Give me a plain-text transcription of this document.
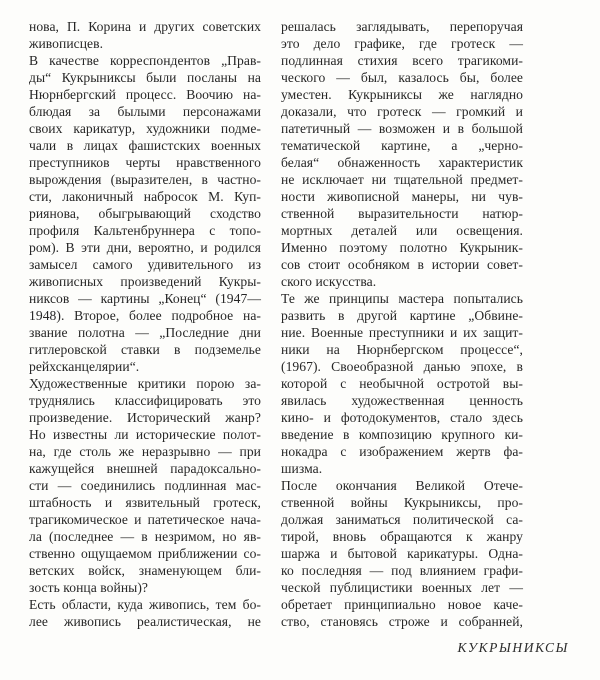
нова, П. Корина и других советских
живописцев.
В качестве корреспондентов „Прав-
ды“ Кукрыниксы были посланы на
Нюрнбергский процесс. Воочию на-
блюдая за былыми персонажами
своих карикатур, художники подме-
чали в лицах фашистских военных
преступников черты нравственного
вырождения (выразителен, в частно-
сти, лаконичный набросок М. Куп-
риянова, обыгрывающий сходство
профиля Кальтенбруннера с топо-
ром). В эти дни, вероятно, и родился
замысел самого удивительного из
живописных произведений Кукры-
никсов — картины „Конец“ (1947—
1948). Второе, более подробное на-
звание полотна — „Последние дни
гитлеровской ставки в подземелье
рейхсканцелярии“.
Художественные критики порою за-
труднялись классифицировать это
произведение. Исторический жанр?
Но известны ли исторические полот-
на, где столь же неразрывно — при
кажущейся внешней парадоксально-
сти — соединились подлинная мас-
штабность и язвительный гротеск,
трагикомическое и патетическое нача-
ла (последнее — в незримом, но яв-
ственно ощущаемом приближении со-
ветских войск, знаменующем бли-
зость конца войны)?
Есть области, куда живопись, тем бо-
лее живопись реалистическая, не
решалась заглядывать, перепоручая
это дело графике, где гротеск —
подлинная стихия всего трагикоми-
ческого — был, казалось бы, более
уместен. Кукрыниксы же наглядно
доказали, что гротеск — громкий и
патетичный — возможен и в большой
тематической картине, а „черно-
белая“ обнаженность характеристик
не исключает ни тщательной предмет-
ности живописной манеры, ни чув-
ственной выразительности натюр-
мортных деталей или освещения.
Именно поэтому полотно Кукрыник-
сов стоит особняком в истории совет-
ского искусства.
Те же принципы мастера попытались
развить в другой картине „Обвине-
ние. Военные преступники и их защит-
ники на Нюрнбергском процессе“,
(1967). Своеобразной данью эпохе, в
которой с необычной остротой вы-
явилась художественная ценность
кино- и фотодокументов, стало здесь
введение в композицию крупного ки-
нокадра с изображением жертв фа-
шизма.
После окончания Великой Отече-
ственной войны Кукрыниксы, про-
должая заниматься политической са-
тирой, вновь обращаются к жанру
шаржа и бытовой карикатуры. Одна-
ко последняя — под влиянием графи-
ческой публицистики военных лет —
обретает принципиально новое каче-
ство, становясь строже и собранней,
КУКРЫНИКСЫ
